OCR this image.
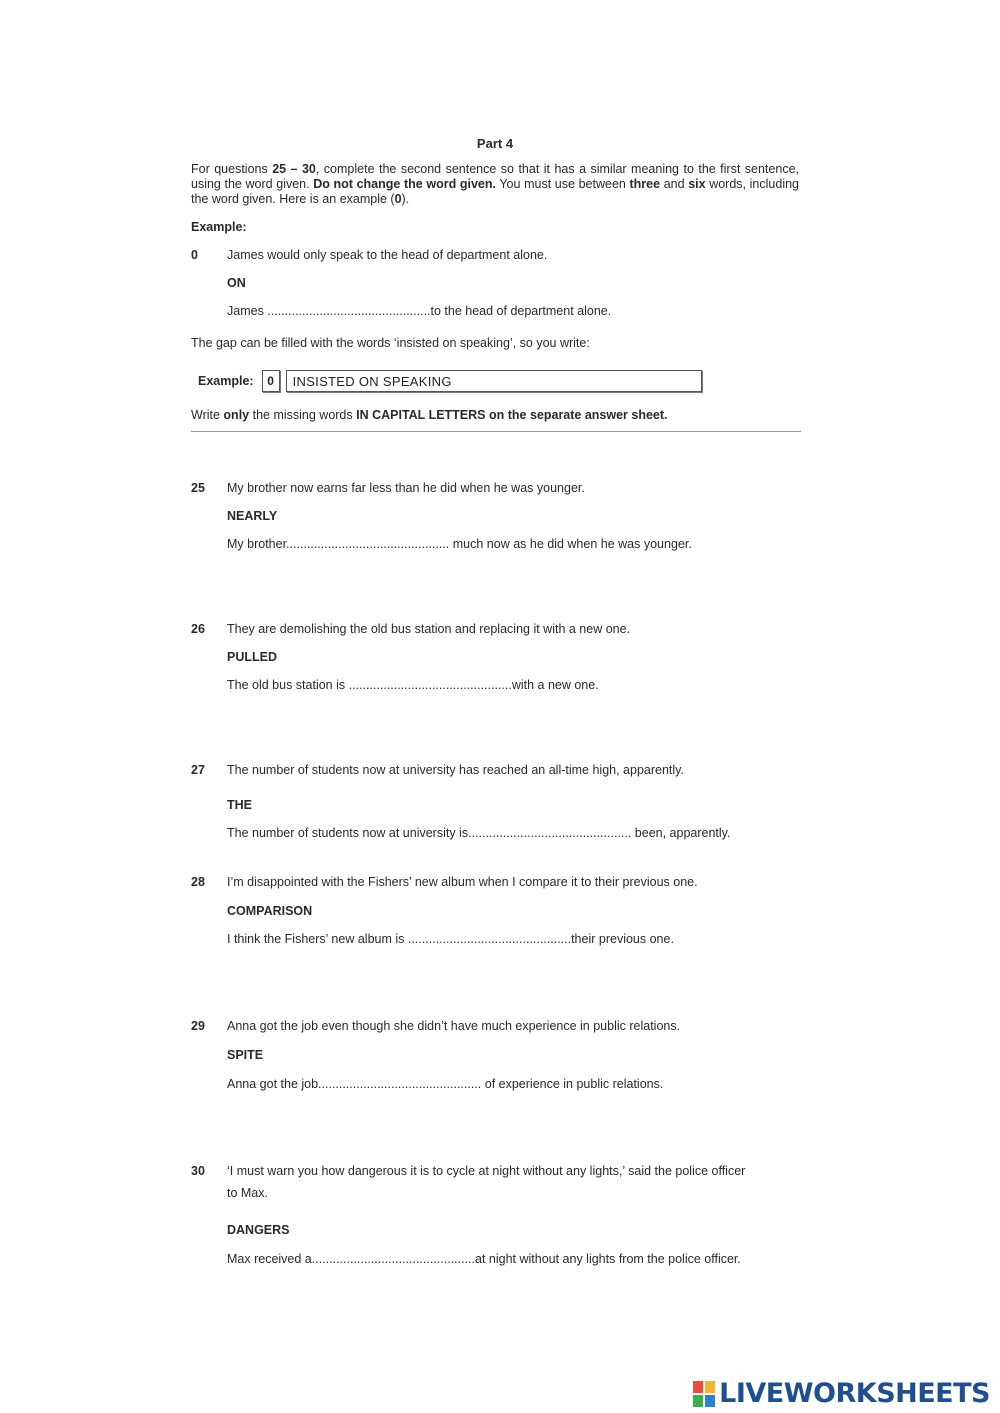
Part 4
For questions 25 – 30, complete the second sentence so that it has a similar meaning to the first sentence, using the word given. Do not change the word given. You must use between three and six words, including the word given. Here is an example (0).
Example:
0 James would only speak to the head of department alone.
ON
James ...............................................to the head of department alone.
The gap can be filled with the words ‘insisted on speaking’, so you write:
Example:	0	INSISTED ON SPEAKING
Write only the missing words IN CAPITAL LETTERS on the separate answer sheet.
25 My brother now earns far less than he did when he was younger.
NEARLY
My brother............................................... much now as he did when he was younger.
26 They are demolishing the old bus station and replacing it with a new one.
PULLED
The old bus station is ...............................................with a new one.
27 The number of students now at university has reached an all-time high, apparently.
THE
The number of students now at university is............................................... been, apparently.
28 I’m disappointed with the Fishers’ new album when I compare it to their previous one.
COMPARISON
I think the Fishers’ new album is ...............................................their previous one.
29 Anna got the job even though she didn’t have much experience in public relations.
SPITE
Anna got the job............................................... of experience in public relations.
30 ‘I must warn you how dangerous it is to cycle at night without any lights,’ said the police officer
to Max.
DANGERS
Max received a...............................................at night without any lights from the police officer.
LIVEWORKSHEETS
